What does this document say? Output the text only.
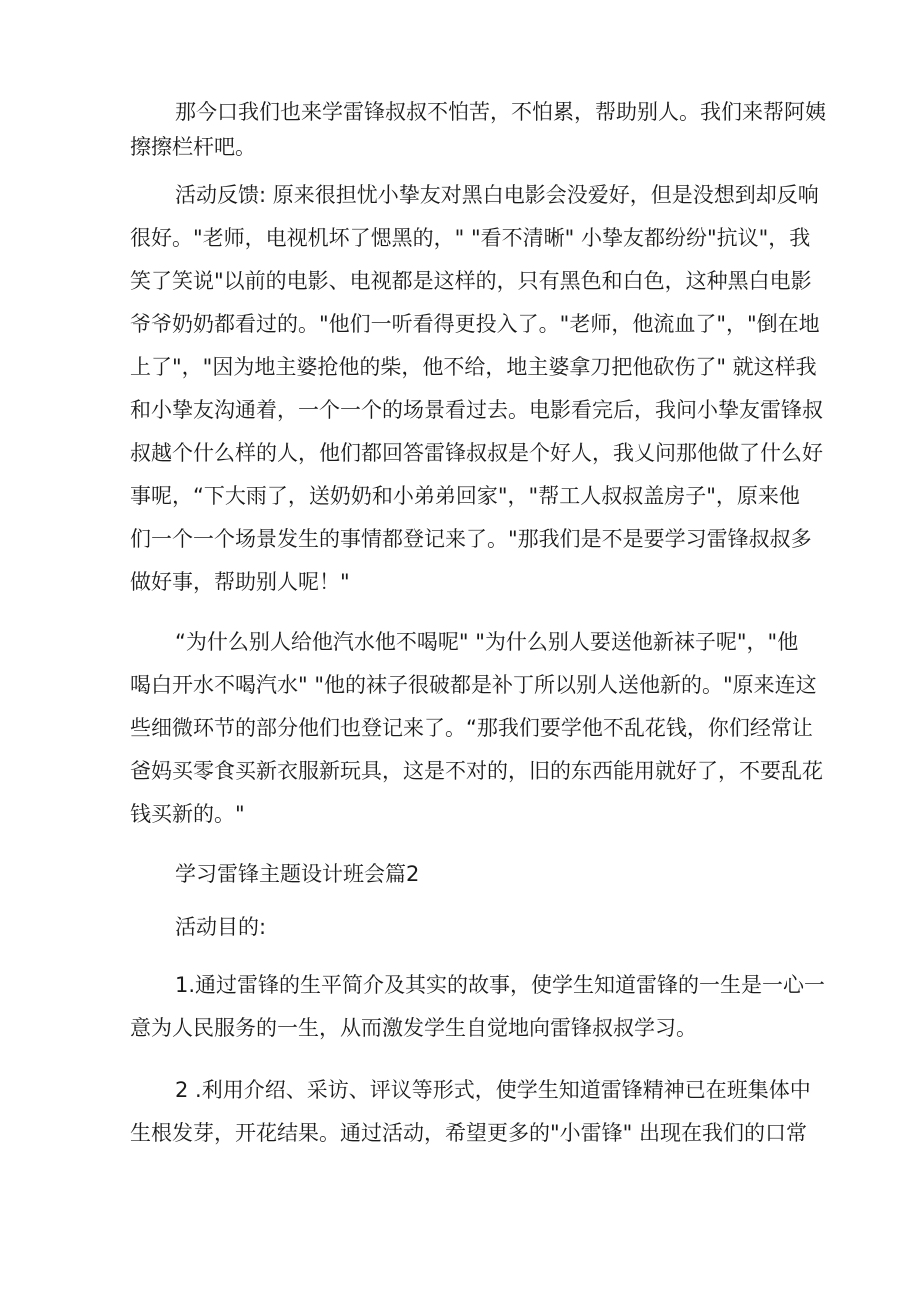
那今口我们也来学雷锋叔叔不怕苦，不怕累，帮助别人。我们来帮阿姨
擦擦栏杆吧。
活动反馈: 原来很担忧小挚友对黑白电影会没爱好，但是没想到却反响
很好。"老师，电视机坏了愢黑的，" "看不清晰" 小挚友都纷纷"抗议"，我
笑了笑说"以前的电影、电视都是这样的，只有黑色和白色，这种黑白电影
爷爷奶奶都看过的。"他们一听看得更投入了。"老师，他流血了"，"倒在地
上了"，"因为地主婆抢他的柴，他不给，地主婆拿刀把他砍伤了" 就这样我
和小挚友沟通着，一个一个的场景看过去。电影看完后，我问小挚友雷锋叔
叔越个什么样的人，他们都回答雷锋叔叔是个好人，我乂问那他做了什么好
事呢，“下大雨了，送奶奶和小弟弟回家"，"帮工人叔叔盖房子"，原来他
们一个一个场景发生的事情都登记来了。"那我们是不是要学习雷锋叔叔多
做好事，帮助别人呢！"
“为什么别人给他汽水他不喝呢" "为什么别人要送他新袜子呢"，"他
喝白开水不喝汽水" "他的袜子很破都是补丁所以别人送他新的。"原来连这
些细微环节的部分他们也登记来了。“那我们要学他不乱花钱，你们经常让
爸妈买零食买新衣服新玩具，这是不对的，旧的东西能用就好了，不要乱花
钱买新的。"
学习雷锋主题设计班会篇2
活动目的:
1.通过雷锋的生平简介及其实的故事，使学生知道雷锋的一生是一心一
意为人民服务的一生，从而激发学生自觉地向雷锋叔叔学习。
2 .利用介绍、采访、评议等形式，使学生知道雷锋精神已在班集体中
生根发芽，开花结果。通过活动，希望更多的"小雷锋" 出现在我们的口常
